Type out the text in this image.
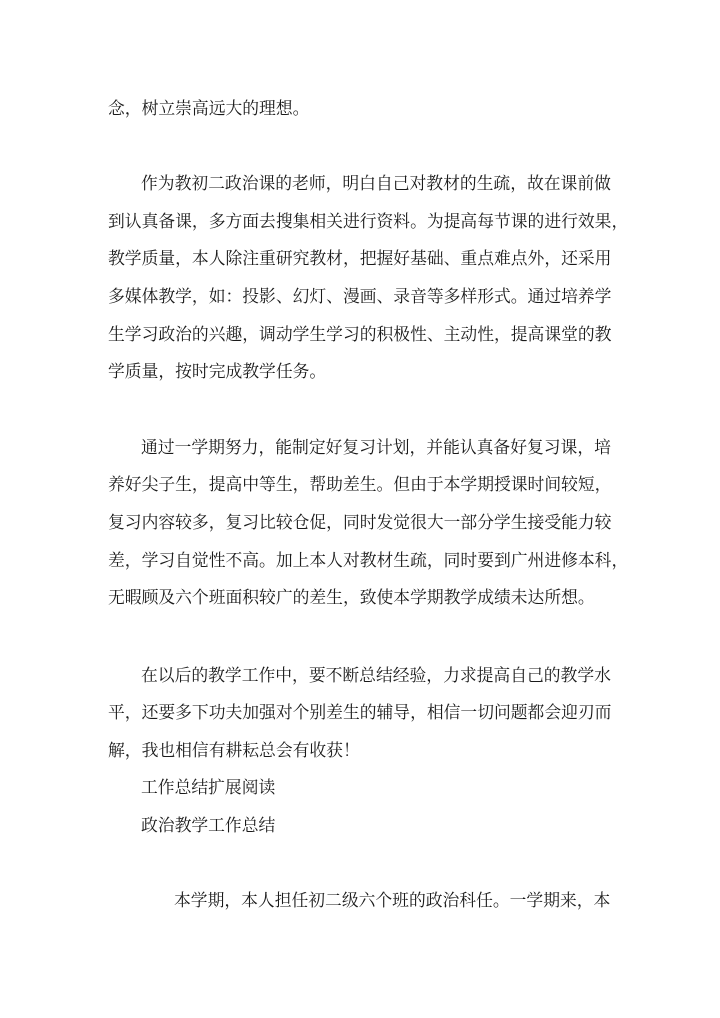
念，树立崇高远大的理想。
作为教初二政治课的老师，明白自己对教材的生疏，故在课前做
到认真备课，多方面去搜集相关进行资料。为提高每节课的进行效果，
教学质量，本人除注重研究教材，把握好基础、重点难点外，还采用
多媒体教学，如：投影、幻灯、漫画、录音等多样形式。通过培养学
生学习政治的兴趣，调动学生学习的积极性、主动性，提高课堂的教
学质量，按时完成教学任务。
通过一学期努力，能制定好复习计划，并能认真备好复习课，培
养好尖子生，提高中等生，帮助差生。但由于本学期授课时间较短，
复习内容较多，复习比较仓促，同时发觉很大一部分学生接受能力较
差，学习自觉性不高。加上本人对教材生疏，同时要到广州进修本科，
无暇顾及六个班面积较广的差生，致使本学期教学成绩未达所想。
在以后的教学工作中，要不断总结经验，力求提高自己的教学水
平，还要多下功夫加强对个别差生的辅导，相信一切问题都会迎刃而
解，我也相信有耕耘总会有收获！
工作总结扩展阅读
政治教学工作总结
本学期，本人担任初二级六个班的政治科任。一学期来，本
